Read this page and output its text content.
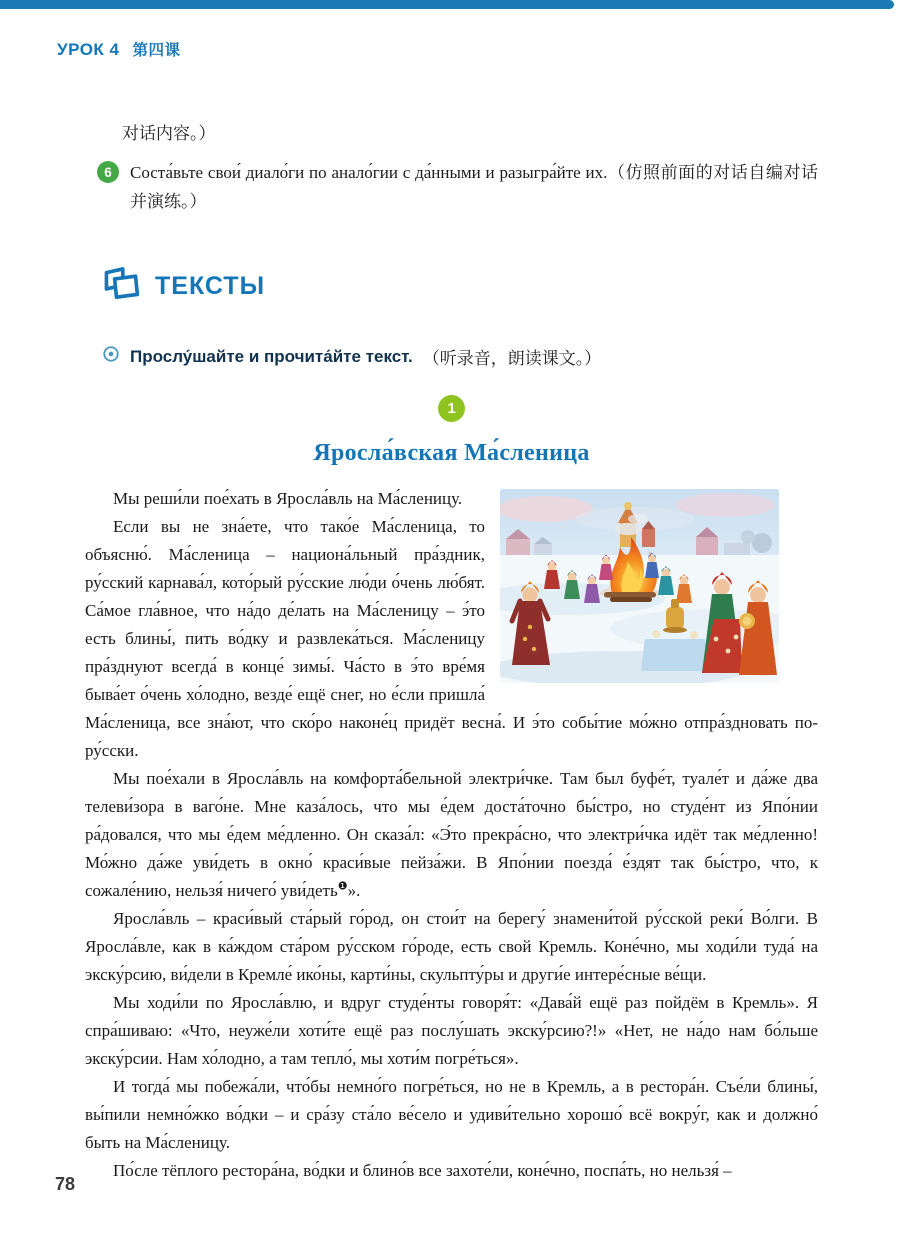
УРОК 4 第四课
对话内容。）
6	Соста́вьте свои́ диало́ги по анало́гии с да́нными и разыгра́йте их.（仿照前面的对话自编对话并演练。）

ТЕКСТЫ
Прослу́шайте и прочита́йте текст. （听录音，朗读课文。）
1
Яросла́вская Ма́сленица

Мы реши́ли пое́хать в Яросла́вль на Ма́сленицу.

Если вы не зна́ете, что тако́е Ма́сленица, то объясню́. Ма́сленица – национа́льный пра́здник, ру́сский карнава́л, кото́рый ру́сские лю́ди о́чень лю́бят. Са́мое гла́вное, что на́до де́лать на Ма́сленицу – э́то есть блины́, пить во́дку и развлека́ться. Ма́сленицу пра́зднуют всегда́ в конце́ зимы́. Ча́сто в э́то вре́мя быва́ет о́чень хо́лодно, везде́ ещё снег, но е́сли пришла́ Ма́сленица, все зна́ют, что ско́ро наконе́ц придёт весна́. И э́то собы́тие мо́жно отпра́здновать по-ру́сски.

Мы пое́хали в Яросла́вль на комфорта́бельной электри́чке. Там был буфе́т, туале́т и да́же два телеви́зора в ваго́не. Мне каза́лось, что мы е́дем доста́точно бы́стро, но студе́нт из Япо́нии ра́довался, что мы е́дем ме́дленно. Он сказа́л: «Э́то прекра́сно, что электри́чка идёт так ме́дленно! Мо́жно да́же уви́деть в окно́ краси́вые пейза́жи. В Япо́нии поезда́ е́здят так бы́стро, что, к сожале́нию, нельзя́ ничего́ уви́деть$^❶$».

Яросла́вль – краси́вый ста́рый го́род, он стои́т на берегу́ знамени́той ру́сской реки́ Во́лги. В Яросла́вле, как в ка́ждом ста́ром ру́сском го́роде, есть свой Кремль. Коне́чно, мы ходи́ли туда́ на экску́рсию, ви́дели в Кремле́ ико́ны, карти́ны, скульпту́ры и други́е интере́сные ве́щи.

Мы ходи́ли по Яросла́влю, и вдруг студе́нты говоря́т: «Дава́й ещё раз пойдём в Кремль». Я спра́шиваю: «Что, неуже́ли хоти́те ещё раз послу́шать экску́рсию?!» «Нет, не на́до нам бо́льше экску́рсии. Нам хо́лодно, а там тепло́, мы хоти́м погре́ться».

И тогда́ мы побежа́ли, что́бы немно́го погре́ться, но не в Кремль, а в рестора́н. Съе́ли блины́, вы́пили немно́жко во́дки – и сра́зу ста́ло ве́село и удиви́тельно хорошо́ всё вокру́г, как и должно́ быть на Ма́сленицу.

По́сле тёплого рестора́на, во́дки и блино́в все захоте́ли, коне́чно, поспа́ть, но нельзя́ –

78
